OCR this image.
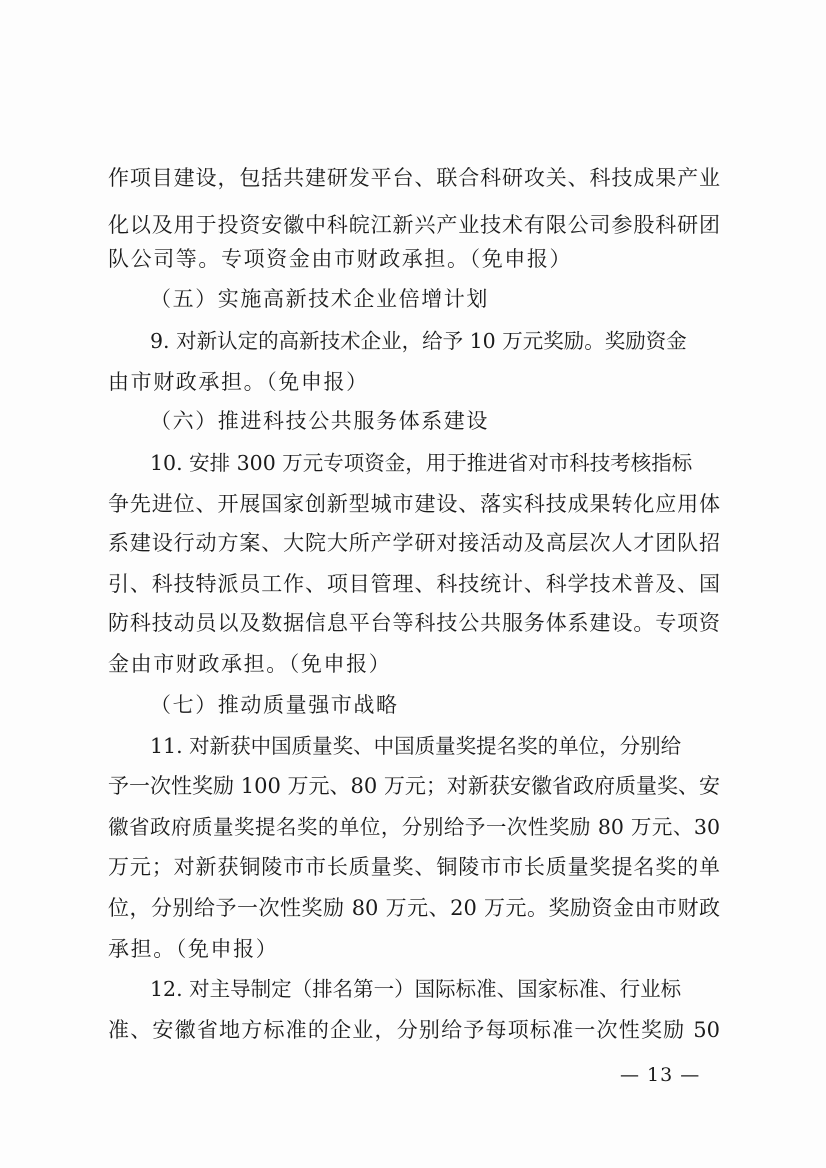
作项目建设，包括共建研发平台、联合科研攻关、科技成果产业
化以及用于投资安徽中科皖江新兴产业技术有限公司参股科研团
队公司等。专项资金由市财政承担。（免申报）
（五）实施高新技术企业倍增计划
9. 对新认定的高新技术企业，给予 10 万元奖励。奖励资金
由市财政承担。（免申报）
（六）推进科技公共服务体系建设
10. 安排 300 万元专项资金，用于推进省对市科技考核指标
争先进位、开展国家创新型城市建设、落实科技成果转化应用体
系建设行动方案、大院大所产学研对接活动及高层次人才团队招
引、科技特派员工作、项目管理、科技统计、科学技术普及、国
防科技动员以及数据信息平台等科技公共服务体系建设。专项资
金由市财政承担。（免申报）
（七）推动质量强市战略
11. 对新获中国质量奖、中国质量奖提名奖的单位，分别给
予一次性奖励 100 万元、80 万元；对新获安徽省政府质量奖、安
徽省政府质量奖提名奖的单位，分别给予一次性奖励 80 万元、30
万元；对新获铜陵市市长质量奖、铜陵市市长质量奖提名奖的单
位，分别给予一次性奖励 80 万元、20 万元。奖励资金由市财政
承担。（免申报）
12. 对主导制定（排名第一）国际标准、国家标准、行业标
准、安徽省地方标准的企业，分别给予每项标准一次性奖励 50
— 13 —
